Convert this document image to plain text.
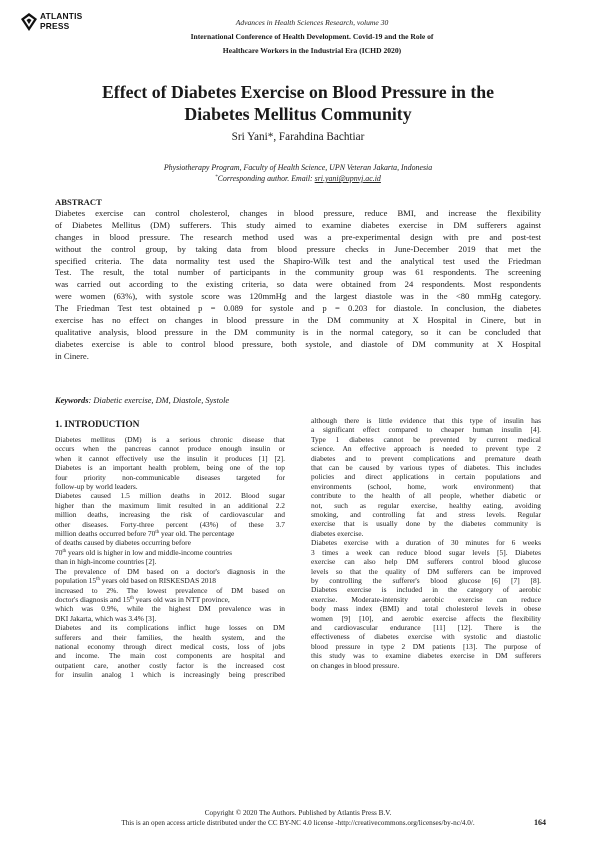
ATLANTIS
PRESS	Advances in Health Sciences Research, volume 30
International Conference of Health Development. Covid-19 and the Role of
Healthcare Workers in the Industrial Era (ICHD 2020)
Effect of Diabetes Exercise on Blood Pressure in the
Diabetes Mellitus Community
Sri Yani*, Farahdina Bachtiar
Physiotherapy Program, Faculty of Health Science, UPN Veteran Jakarta, Indonesia
*Corresponding author. Email: sri.yani@upnvj.ac.id
ABSTRACT
Diabetes exercise can control cholesterol, changes in blood pressure, reduce BMI, and increase the flexibility
of Diabetes Mellitus (DM) sufferers. This study aimed to examine diabetes exercise in DM sufferers against
changes in blood pressure. The research method used was a pre-experimental design with pre and post-test
without the control group, by taking data from blood pressure checks in June-December 2019 that met the
specified criteria. The data normality test used the Shapiro-Wilk test and the analytical test used the Friedman
Test. The result, the total number of participants in the community group was 61 respondents. The screening
was carried out according to the existing criteria, so data were obtained from 24 respondents. Most respondents
were women (63%), with systole score was 120mmHg and the largest diastole was in the <80 mmHg category.
The Friedman Test test obtained p = 0.089 for systole and p = 0.203 for diastole. In conclusion, the diabetes
exercise has no effect on changes in blood pressure in the DM community at X Hospital in Cinere, but in
qualitative analysis, blood pressure in the DM community is in the normal category, so it can be concluded that
diabetes exercise is able to control blood pressure, both systole, and diastole of DM community at X Hospital
in Cinere.
Keywords: Diabetic exercise, DM, Diastole, Systole
1. INTRODUCTION
Diabetes mellitus (DM) is a serious chronic disease that
occurs when the pancreas cannot produce enough insulin or
when it cannot effectively use the insulin it produces [1] [2].
Diabetes is an important health problem, being one of the top
four priority non-communicable diseases targeted for
follow-up by world leaders.
Diabetes caused 1.5 million deaths in 2012. Blood sugar
higher than the maximum limit resulted in an additional 2.2
million deaths, increasing the risk of cardiovascular and
other diseases. Forty-three percent (43%) of these 3.7
million deaths occurred before 70th year old. The percentage
of deaths caused by diabetes occurring before
70th years old is higher in low and middle-income countries
than in high-income countries [2].
The prevalence of DM based on a doctor's diagnosis in the
population 15th years old based on RISKESDAS 2018
increased to 2%. The lowest prevalence of DM based on
doctor's diagnosis and 15th years old was in NTT province,
which was 0.9%, while the highest DM prevalence was in
DKI Jakarta, which was 3.4% [3].
Diabetes and its complications inflict huge losses on DM
sufferers and their families, the health system, and the
national economy through direct medical costs, loss of jobs
and income. The main cost components are hospital and
outpatient care, another costly factor is the increased cost
for insulin analog 1 which is increasingly being prescribed
although there is little evidence that this type of insulin has
a significant effect compared to cheaper human insulin [4].
Type 1 diabetes cannot be prevented by current medical
science. An effective approach is needed to prevent type 2
diabetes and to prevent complications and premature death
that can be caused by various types of diabetes. This includes
policies and direct applications in certain populations and
environments (school, home, work environment) that
contribute to the health of all people, whether diabetic or
not, such as regular exercise, healthy eating, avoiding
smoking, and controlling fat and stress levels. Regular
exercise that is usually done by the diabetes community is
diabetes exercise.
Diabetes exercise with a duration of 30 minutes for 6 weeks
3 times a week can reduce blood sugar levels [5]. Diabetes
exercise can also help DM sufferers control blood glucose
levels so that the quality of DM sufferers can be improved
by controlling the sufferer's blood glucose [6] [7] [8].
Diabetes exercise is included in the category of aerobic
exercise. Moderate-intensity aerobic exercise can reduce
body mass index (BMI) and total cholesterol levels in obese
women [9] [10], and aerobic exercise affects the flexibility
and cardiovascular endurance [11] [12]. There is the
effectiveness of diabetes exercise with systolic and diastolic
blood pressure in type 2 DM patients [13]. The purpose of
this study was to examine diabetes exercise in DM sufferers
on changes in blood pressure.
Copyright © 2020 The Authors. Published by Atlantis Press B.V.
This is an open access article distributed under the CC BY-NC 4.0 license -http://creativecommons.org/licenses/by-nc/4.0/.	164
